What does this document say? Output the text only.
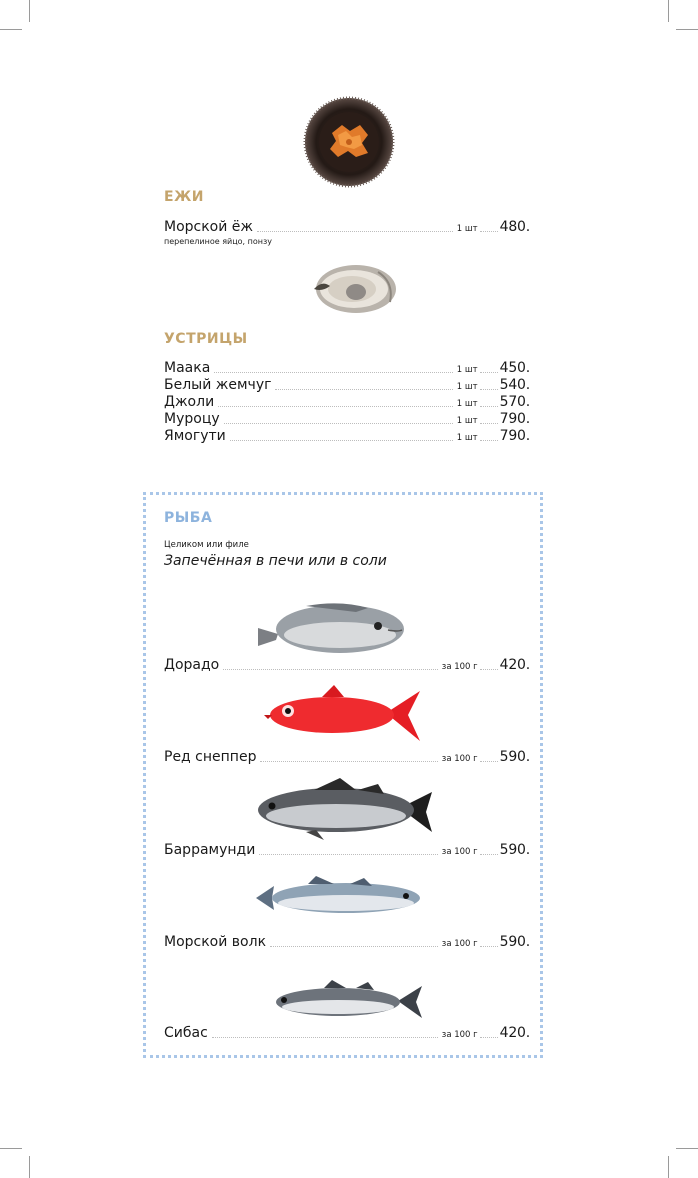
ЕЖИ
Морской ёж	1 шт 480.
перепелиное яйцо, понзу
УСТРИЦЫ
Маака	1 шт 450.
Белый жемчуг	1 шт 540.
Джоли	1 шт 570.
Муроцу	1 шт 790.
Ямогути	1 шт 790.
РЫБА
Целиком или филе
Запечённая в печи или в соли
Дорадо	за 100 г 420.
Ред снеппер	за 100 г 590.
Баррамунди	за 100 г 590.
Морской волк	за 100 г 590.
Сибас	за 100 г 420.
